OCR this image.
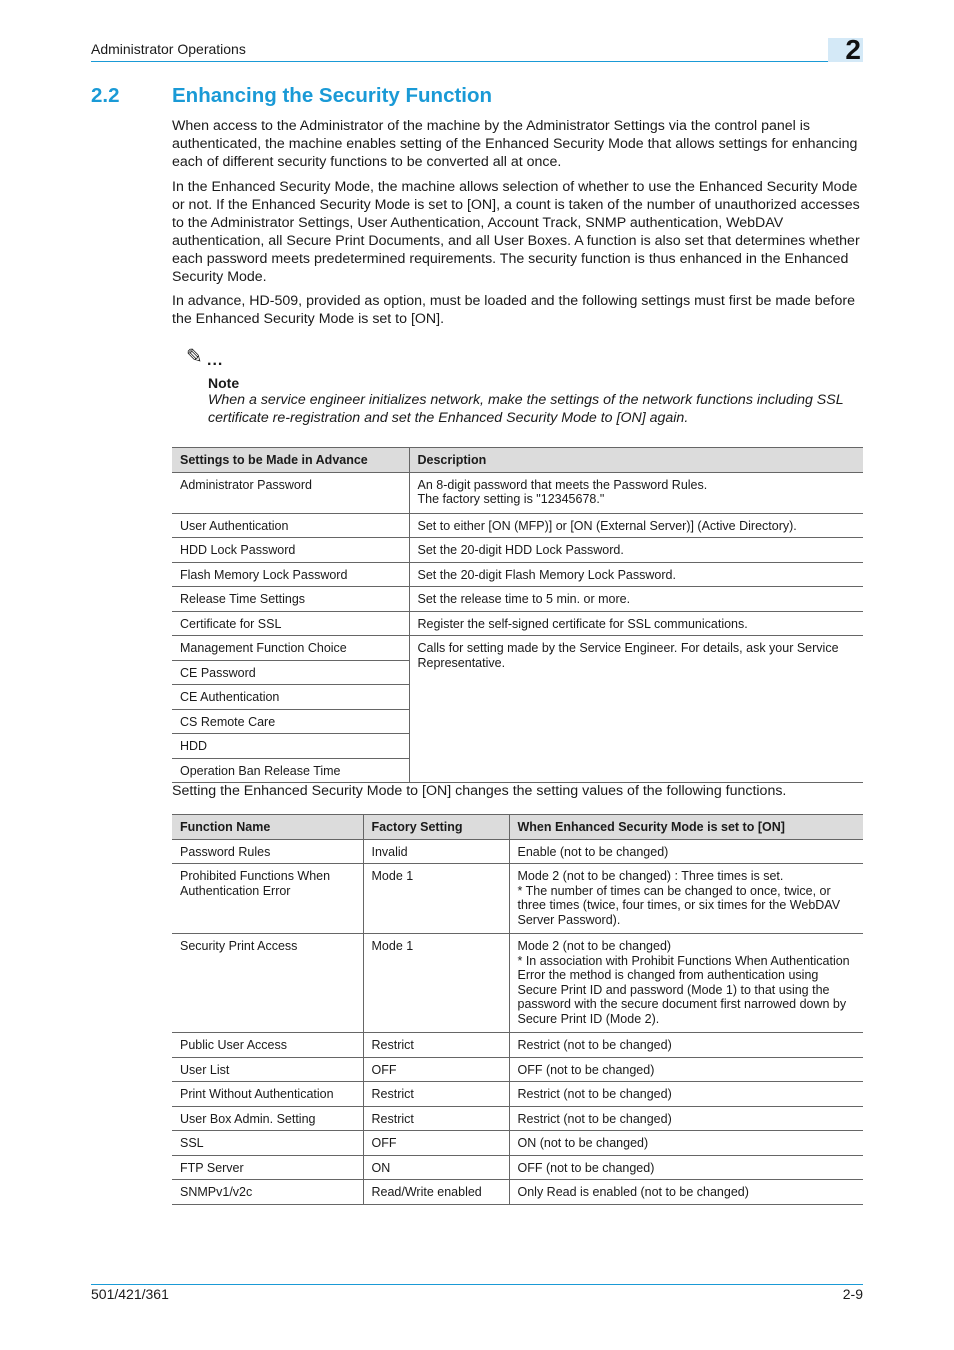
Administrator Operations	2
2.2	Enhancing the Security Function

When access to the Administrator of the machine by the Administrator Settings via the control panel is authenticated, the machine enables setting of the Enhanced Security Mode that allows settings for enhancing each of different security functions to be converted all at once.

In the Enhanced Security Mode, the machine allows selection of whether to use the Enhanced Security Mode or not. If the Enhanced Security Mode is set to [ON], a count is taken of the number of unauthorized accesses to the Administrator Settings, User Authentication, Account Track, SNMP authentication, WebDAV authentication, all Secure Print Documents, and all User Boxes. A function is also set that determines whether each password meets predetermined requirements. The security function is thus enhanced in the Enhanced Security Mode.

In advance, HD-509, provided as option, must be loaded and the following settings must first be made before the Enhanced Security Mode is set to [ON].

✎ ...
Note
When a service engineer initializes network, make the settings of the network functions including SSL certificate re-registration and set the Enhanced Security Mode to [ON] again.
Settings to be Made in Advance	Description
Administrator Password	An 8-digit password that meets the Password Rules.
The factory setting is "12345678."

User Authentication	Set to either [ON (MFP)] or [ON (External Server)] (Active Directory).
HDD Lock Password	Set the 20-digit HDD Lock Password.
Flash Memory Lock Password	Set the 20-digit Flash Memory Lock Password.
Release Time Settings	Set the release time to 5 min. or more.
Certificate for SSL	Register the self-signed certificate for SSL communications.
Management Function Choice	Calls for setting made by the Service Engineer. For details, ask your Service Representative.
CE Password	
CE Authentication	
CS Remote Care	
HDD	
Operation Ban Release Time	

Setting the Enhanced Security Mode to [ON] changes the setting values of the following functions.

Function Name	Factory Setting	When Enhanced Security Mode is set to [ON]
Password Rules	Invalid	Enable (not to be changed)
Prohibited Functions When Authentication Error	Mode 1	Mode 2 (not to be changed) : Three times is set.
* The number of times can be changed to once, twice, or three times (twice, four times, or six times for the WebDAV Server Password).
Security Print Access	Mode 1	Mode 2 (not to be changed)
* In association with Prohibit Functions When Authentication Error the method is changed from authentication using Secure Print ID and password (Mode 1) to that using the password with the secure document first narrowed down by Secure Print ID (Mode 2).
Public User Access	Restrict	Restrict (not to be changed)
User List	OFF	OFF (not to be changed)
Print Without Authentication	Restrict	Restrict (not to be changed)
User Box Admin. Setting	Restrict	Restrict (not to be changed)
SSL	OFF	ON (not to be changed)
FTP Server	ON	OFF (not to be changed)
SNMPv1/v2c	Read/Write enabled	Only Read is enabled (not to be changed)
501/421/361	2-9
